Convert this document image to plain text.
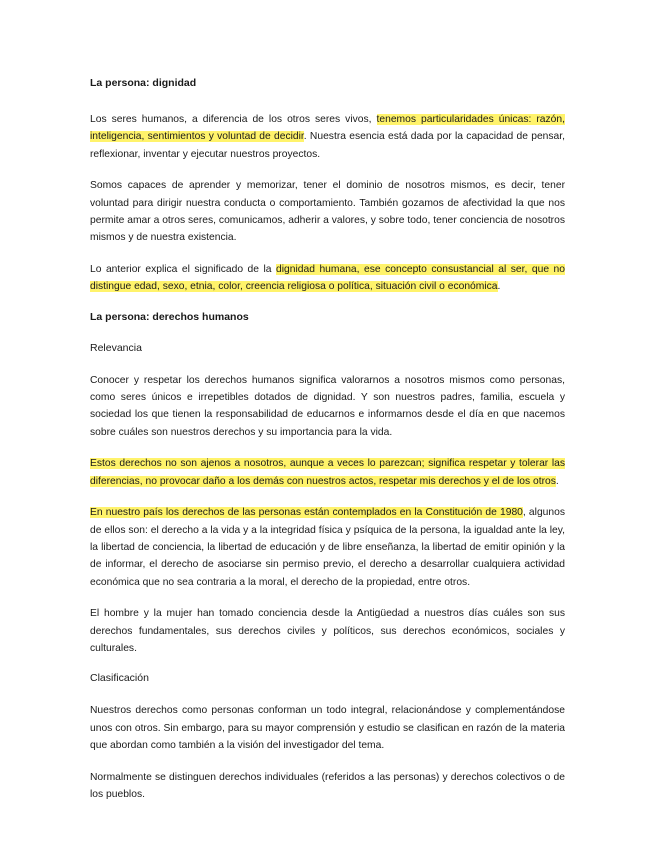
La persona: dignidad

Los seres humanos, a diferencia de los otros seres vivos, tenemos particularidades únicas: razón, inteligencia, sentimientos y voluntad de decidir. Nuestra esencia está dada por la capacidad de pensar, reflexionar, inventar y ejecutar nuestros proyectos.

Somos capaces de aprender y memorizar, tener el dominio de nosotros mismos, es decir, tener voluntad para dirigir nuestra conducta o comportamiento. También gozamos de afectividad la que nos permite amar a otros seres, comunicamos, adherir a valores, y sobre todo, tener conciencia de nosotros mismos y de nuestra existencia.

Lo anterior explica el significado de la dignidad humana, ese concepto consustancial al ser, que no distingue edad, sexo, etnia, color, creencia religiosa o política, situación civil o económica.

La persona: derechos humanos
Relevancia

Conocer y respetar los derechos humanos significa valorarnos a nosotros mismos como personas, como seres únicos e irrepetibles dotados de dignidad. Y son nuestros padres, familia, escuela y sociedad los que tienen la responsabilidad de educarnos e informarnos desde el día en que nacemos sobre cuáles son nuestros derechos y su importancia para la vida.

Estos derechos no son ajenos a nosotros, aunque a veces lo parezcan; significa respetar y tolerar las diferencias, no provocar daño a los demás con nuestros actos, respetar mis derechos y el de los otros.

En nuestro país los derechos de las personas están contemplados en la Constitución de 1980, algunos de ellos son: el derecho a la vida y a la integridad física y psíquica de la persona, la igualdad ante la ley, la libertad de conciencia, la libertad de educación y de libre enseñanza, la libertad de emitir opinión y la de informar, el derecho de asociarse sin permiso previo, el derecho a desarrollar cualquiera actividad económica que no sea contraria a la moral, el derecho de la propiedad, entre otros.

El hombre y la mujer han tomado conciencia desde la Antigüedad a nuestros días cuáles son sus derechos fundamentales, sus derechos civiles y políticos, sus derechos económicos, sociales y culturales.

Clasificación

Nuestros derechos como personas conforman un todo integral, relacionándose y complementándose unos con otros. Sin embargo, para su mayor comprensión y estudio se clasifican en razón de la materia que abordan como también a la visión del investigador del tema.

Normalmente se distinguen derechos individuales (referidos a las personas) y derechos colectivos o de los pueblos.
